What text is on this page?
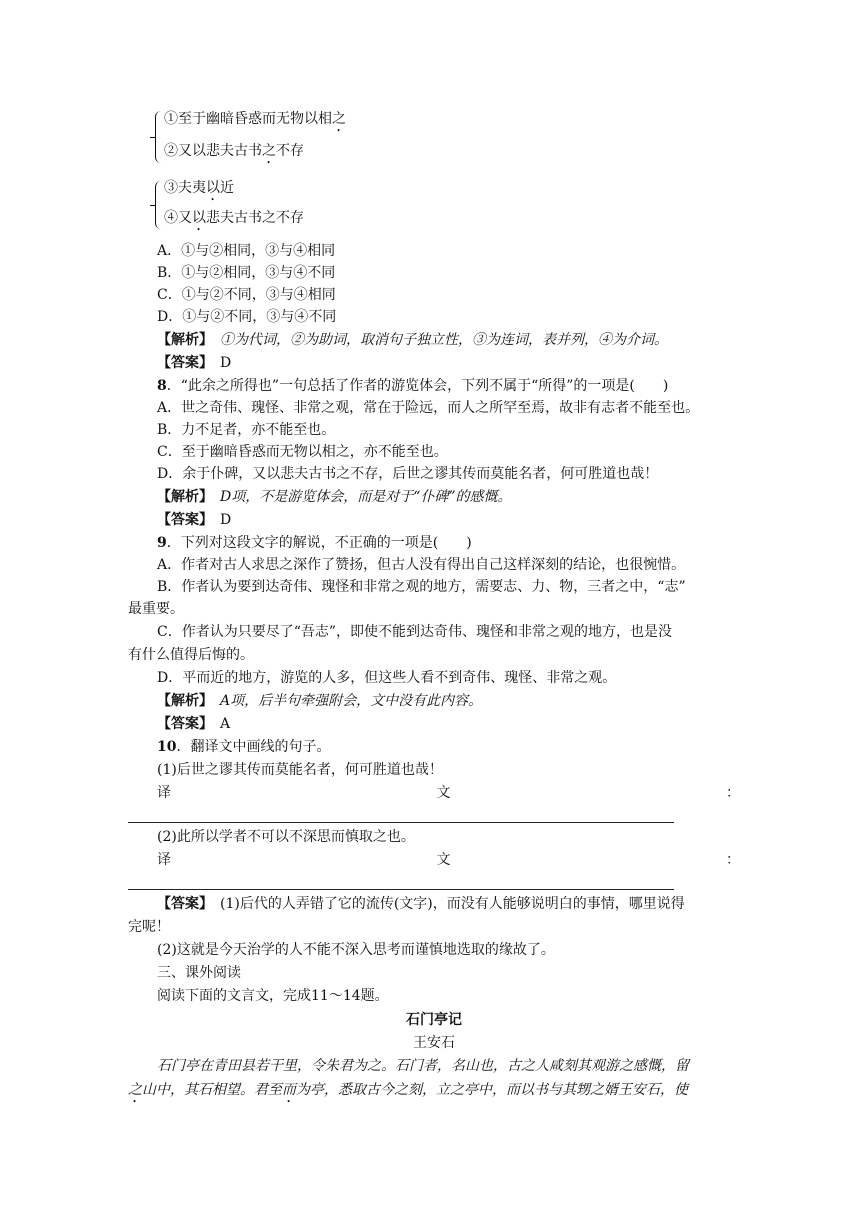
①至于幽暗昏惑而无物以相之
②又以悲夫古书之不存
③夫夷以近
④又以悲夫古书之不存
A．①与②相同，③与④相同
B．①与②相同，③与④不同
C．①与②不同，③与④相同
D．①与②不同，③与④不同
【解析】　 ①为代词，②为助词，取消句子独立性，③为连词，表并列，④为介词。
【答案】　 D
8．“此余之所得也”一句总括了作者的游览体会，下列不属于“所得”的一项是(　　)
A．世之奇伟、瑰怪、非常之观，常在于险远，而人之所罕至焉，故非有志者不能至也。
B．力不足者，亦不能至也。
C．至于幽暗昏惑而无物以相之，亦不能至也。
D．余于仆碑，又以悲夫古书之不存，后世之谬其传而莫能名者，何可胜道也哉！
【解析】　 D项，不是游览体会，而是对于“仆碑”的感慨。
【答案】　 D
9．下列对这段文字的解说，不正确的一项是(　　)
A．作者对古人求思之深作了赞扬，但古人没有得出自己这样深刻的结论，也很惋惜。
B．作者认为要到达奇伟、瑰怪和非常之观的地方，需要志、力、物，三者之中，“志”
最重要。
C．作者认为只要尽了“吾志”，即使不能到达奇伟、瑰怪和非常之观的地方，也是没
有什么值得后悔的。
D．平而近的地方，游览的人多，但这些人看不到奇伟、瑰怪、非常之观。
【解析】　 A项，后半句牵强附会，文中没有此内容。
【答案】　 A
10．翻译文中画线的句子。
(1)后世之谬其传而莫能名者，何可胜道也哉！
译	文	：
(2)此所以学者不可以不深思而慎取之也。
译	文	：
【答案】　 (1)后代的人弄错了它的流传(文字)，而没有人能够说明白的事情，哪里说得
完呢！
(2)这就是今天治学的人不能不深入思考而谨慎地选取的缘故了。
三、课外阅读
阅读下面的文言文，完成11～14题。
石门亭记
王安石
石门亭在青田县若干里，令朱君为之。石门者，名山也，古之人咸刻其观游之感慨，留
之山中，其石相望。君至而为亭，悉取古今之刻，立之亭中，而以书与其甥之婿王安石，使
